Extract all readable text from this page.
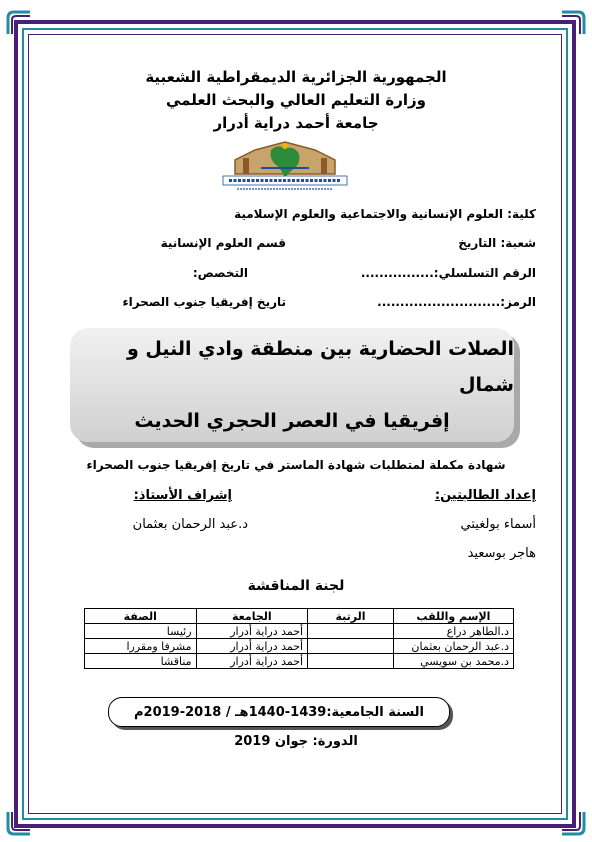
الجمهورية الجزائرية الديمقراطية الشعبية
وزارة التعليم العالي والبحث العلمي
جامعة أحمد دراية أدرار
كلية: العلوم الإنسانية والاجتماعية والعلوم الإسلامية
شعبة: التاريخ
قسم العلوم الإنسانية
الرقم التسلسلي:................
التخصص:
الرمز:...........................
تاريخ إفريقيا جنوب الصحراء
الصلات الحضارية بين منطقة وادي النيل و شمال
إفريقيا في العصر الحجري الحديث
شهادة مكملة لمتطلبات شهادة الماستر في تاريخ إفريقيا جنوب الصحراء
إعداد الطالبتين:
إشراف الأستاذ:
أسماء بولغيتي
د.عبد الرحمان بعثمان
هاجر بوسعيد
لجنة المناقشة
الإسم واللقب	الرتبة	الجامعة	الصفة
د.الطاهر دراع		أحمد دراية أدرار	رئيسا
د.عبد الرحمان بعثمان		أحمد دراية أدرار	مشرفا ومقررا
د.محمد بن سويسي		أحمد دراية أدرار	مناقشا
السنة الجامعية:1439-1440هـ / 2018-2019م
الدورة: جوان 2019
